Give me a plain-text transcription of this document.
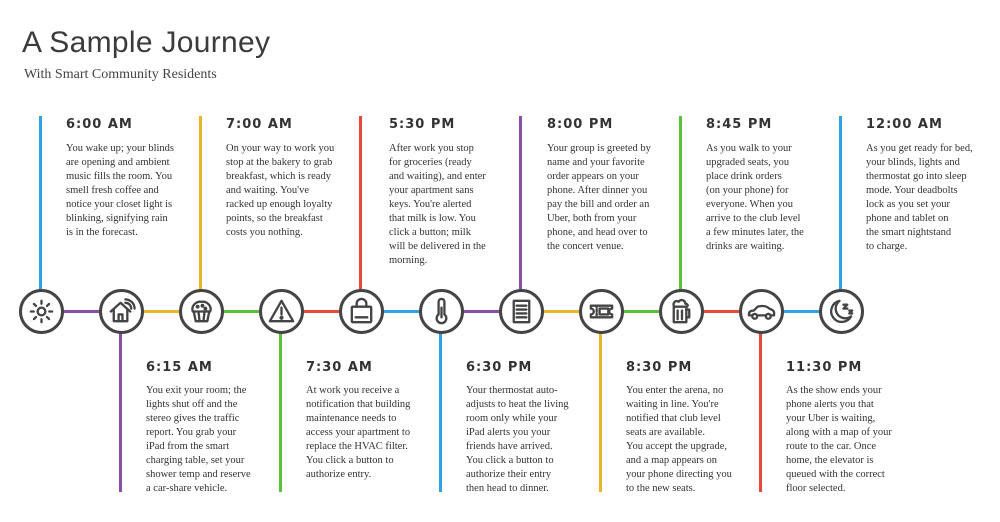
A Sample Journey

With Smart Community Residents

6:00 AM

You wake up; your blinds
are opening and ambient
music fills the room. You
smell fresh coffee and
notice your closet light is
blinking, signifying rain
is in the forecast.

7:00 AM

On your way to work you
stop at the bakery to grab
breakfast, which is ready
and waiting. You've
racked up enough loyalty
points, so the breakfast
costs you nothing.

5:30 PM

After work you stop
for groceries (ready
and waiting), and enter
your apartment sans
keys. You're alerted
that milk is low. You
click a button; milk
will be delivered in the
morning.

8:00 PM

Your group is greeted by
name and your favorite
order appears on your
phone. After dinner you
pay the bill and order an
Uber, both from your
phone, and head over to
the concert venue.

8:45 PM

As you walk to your
upgraded seats, you
place drink orders
(on your phone) for
everyone. When you
arrive to the club level
a few minutes later, the
drinks are waiting.

12:00 AM

As you get ready for bed,
your blinds, lights and
thermostat go into sleep
mode. Your deadbolts
lock as you set your
phone and tablet on
the smart nightstand
to charge.

6:15 AM

You exit your room; the
lights shut off and the
stereo gives the traffic
report. You grab your
iPad from the smart
charging table, set your
shower temp and reserve
a car-share vehicle.

7:30 AM

At work you receive a
notification that building
maintenance needs to
access your apartment to
replace the HVAC filter.
You click a button to
authorize entry.

6:30 PM

Your thermostat auto-
adjusts to heat the living
room only while your
iPad alerts you your
friends have arrived.
You click a button to
authorize their entry
then head to dinner.

8:30 PM

You enter the arena, no
waiting in line. You're
notified that club level
seats are available.
You accept the upgrade,
and a map appears on
your phone directing you
to the new seats.

11:30 PM

As the show ends your
phone alerts you that
your Uber is waiting,
along with a map of your
route to the car. Once
home, the elevator is
queued with the correct
floor selected.
